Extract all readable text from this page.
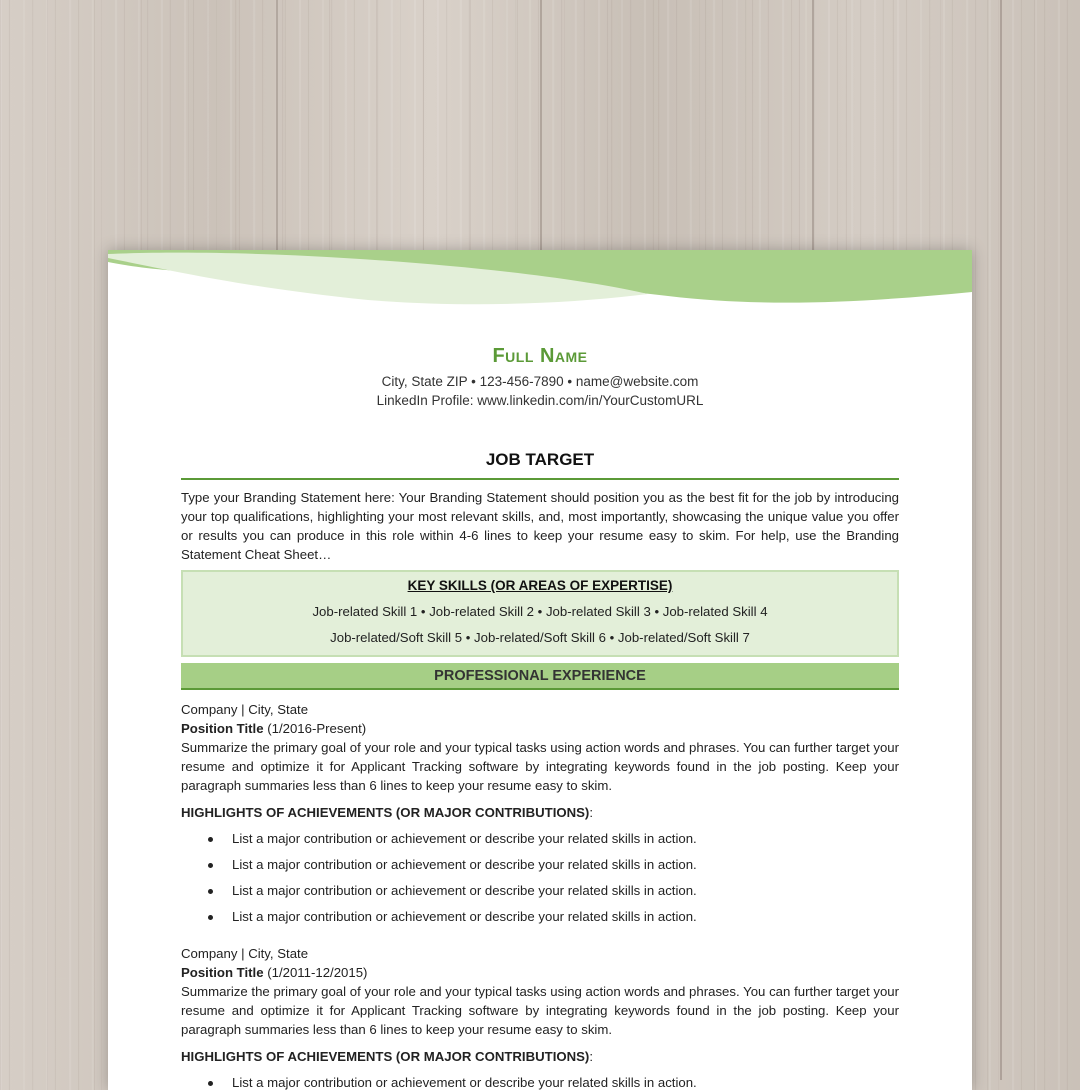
Full Name
City, State ZIP • 123-456-7890 • name@website.com
LinkedIn Profile: www.linkedin.com/in/YourCustomURL
JOB TARGET
Type your Branding Statement here: Your Branding Statement should position you as the best fit for the job by introducing your top qualifications, highlighting your most relevant skills, and, most importantly, showcasing the unique value you offer or results you can produce in this role within 4-6 lines to keep your resume easy to skim. For help, use the Branding Statement Cheat Sheet…
KEY SKILLS (OR AREAS OF EXPERTISE)
Job-related Skill 1 • Job-related Skill 2 • Job-related Skill 3 • Job-related Skill 4
Job-related/Soft Skill 5 • Job-related/Soft Skill 6 • Job-related/Soft Skill 7
PROFESSIONAL EXPERIENCE
Company | City, State
Position Title (1/2016-Present)
Summarize the primary goal of your role and your typical tasks using action words and phrases. You can further target your resume and optimize it for Applicant Tracking software by integrating keywords found in the job posting. Keep your paragraph summaries less than 6 lines to keep your resume easy to skim.
HIGHLIGHTS OF ACHIEVEMENTS (OR MAJOR CONTRIBUTIONS):
List a major contribution or achievement or describe your related skills in action.
List a major contribution or achievement or describe your related skills in action.
List a major contribution or achievement or describe your related skills in action.
List a major contribution or achievement or describe your related skills in action.
Company | City, State
Position Title (1/2011-12/2015)
Summarize the primary goal of your role and your typical tasks using action words and phrases. You can further target your resume and optimize it for Applicant Tracking software by integrating keywords found in the job posting. Keep your paragraph summaries less than 6 lines to keep your resume easy to skim.
HIGHLIGHTS OF ACHIEVEMENTS (OR MAJOR CONTRIBUTIONS):
List a major contribution or achievement or describe your related skills in action.
